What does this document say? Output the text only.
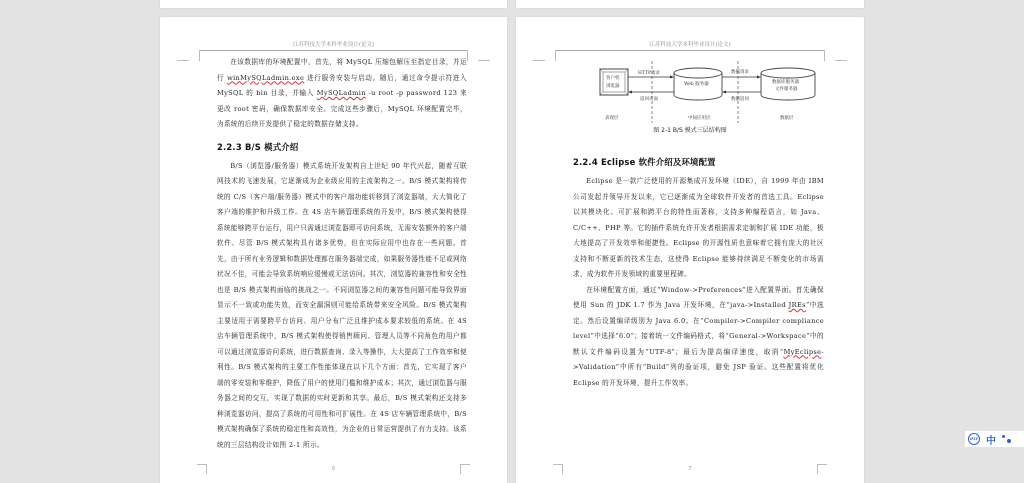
江苏科技大学本科毕业设计(论文)

在该数据库的环境配置中，首先，将 MySQL 压缩包解压至指定目录，并运行 winMySQLadmin.exe 进行服务安装与启动。随后，通过命令提示符进入 MySQL 的 bin 目录，并输入 MySQLadmin -u root -p password 123 来更改 root 密码，确保数据库安全。完成这些步骤后，MySQL 环境配置完毕，为系统的后续开发提供了稳定的数据存储支持。

2.2.3 B/S 模式介绍

B/S（浏览器/服务器）模式系统开发架构自上世纪 90 年代兴起，随着互联网技术的飞速发展，它逐渐成为企业级应用的主流架构之一。B/S 模式架构将传统的 C/S（客户端/服务器）模式中的客户端功能转移到了浏览器端，大大简化了客户端的维护和升级工作。在 4S 店车辆管理系统的开发中，B/S 模式架构使得系统能够跨平台运行，用户只需通过浏览器即可访问系统，无需安装额外的客户端软件。尽管 B/S 模式架构具有诸多优势，但在实际应用中也存在一些问题。首先，由于所有业务逻辑和数据处理都在服务器端完成，如果服务器性能不足或网络状况不佳，可能会导致系统响应缓慢或无法访问。其次，浏览器的兼容性和安全性也是 B/S 模式架构面临的挑战之一。不同浏览器之间的兼容性问题可能导致界面显示不一致或功能失效，而安全漏洞则可能给系统带来安全风险。B/S 模式架构主要适用于需要跨平台访问、用户分布广泛且维护成本要求较低的系统。在 4S 店车辆管理系统中，B/S 模式架构使得销售顾问、管理人员等不同角色的用户都可以通过浏览器访问系统，进行数据查询、录入等操作，大大提高了工作效率和便利性。B/S 模式架构的主要工作性能体现在以下几个方面：首先，它实现了客户端的零安装和零维护，降低了用户的使用门槛和维护成本；其次，通过浏览器与服务器之间的交互，实现了数据的实时更新和共享。最后，B/S 模式架构还支持多种浏览器访问，提高了系统的可用性和可扩展性。在 4S 店车辆管理系统中，B/S 模式架构确保了系统的稳定性和高效性，为企业的日常运营提供了有力支持。该系统的三层结构设计如图 2-1 所示。

6
江苏科技大学本科毕业设计(论文)
客户机
浏览器	Web 服务器	数据库服务器
文件服务器
HTTP请求
返回页面
数据请求
数据返回
表现层	中间应用层	数据层
图 2-1 B/S 模式三层结构图
2.2.4 Eclipse 软件介绍及环境配置

Eclipse 是一款广泛使用的开源集成开发环境（IDE），自 1999 年由 IBM 公司发起并领导开发以来，它已逐渐成为全球软件开发者的首选工具。Eclipse 以其模块化、可扩展和跨平台的特性而著称，支持多种编程语言，如 Java、C/C++、PHP 等。它的插件系统允许开发者根据需求定制和扩展 IDE 功能，极大地提高了开发效率和便捷性。Eclipse 的开源性质也意味着它拥有庞大的社区支持和不断更新的技术生态，这使得 Eclipse 能够持续满足不断变化的市场需求，成为软件开发领域的重要里程碑。

在环境配置方面，通过“Window->Preferences”进入配置界面。首先确保使用 Sun 的 JDK 1.7 作为 Java 开发环境，在“java->Installed JREs”中选定。然后设置编译级别为 Java 6.0。在“Compiler->Compiler compliance level”中选择“6.0”；接着统一文件编码格式，将“General->Workspace”中的默认文件编码设置为“UTF-8”；最后为提高编译速度，取消“MyEclipse->Validation”中所有“Build”列的验证项，避免 JSP 验证。这些配置将优化 Eclipse 的开发环境，提升工作效率。

7
iFLY 中
